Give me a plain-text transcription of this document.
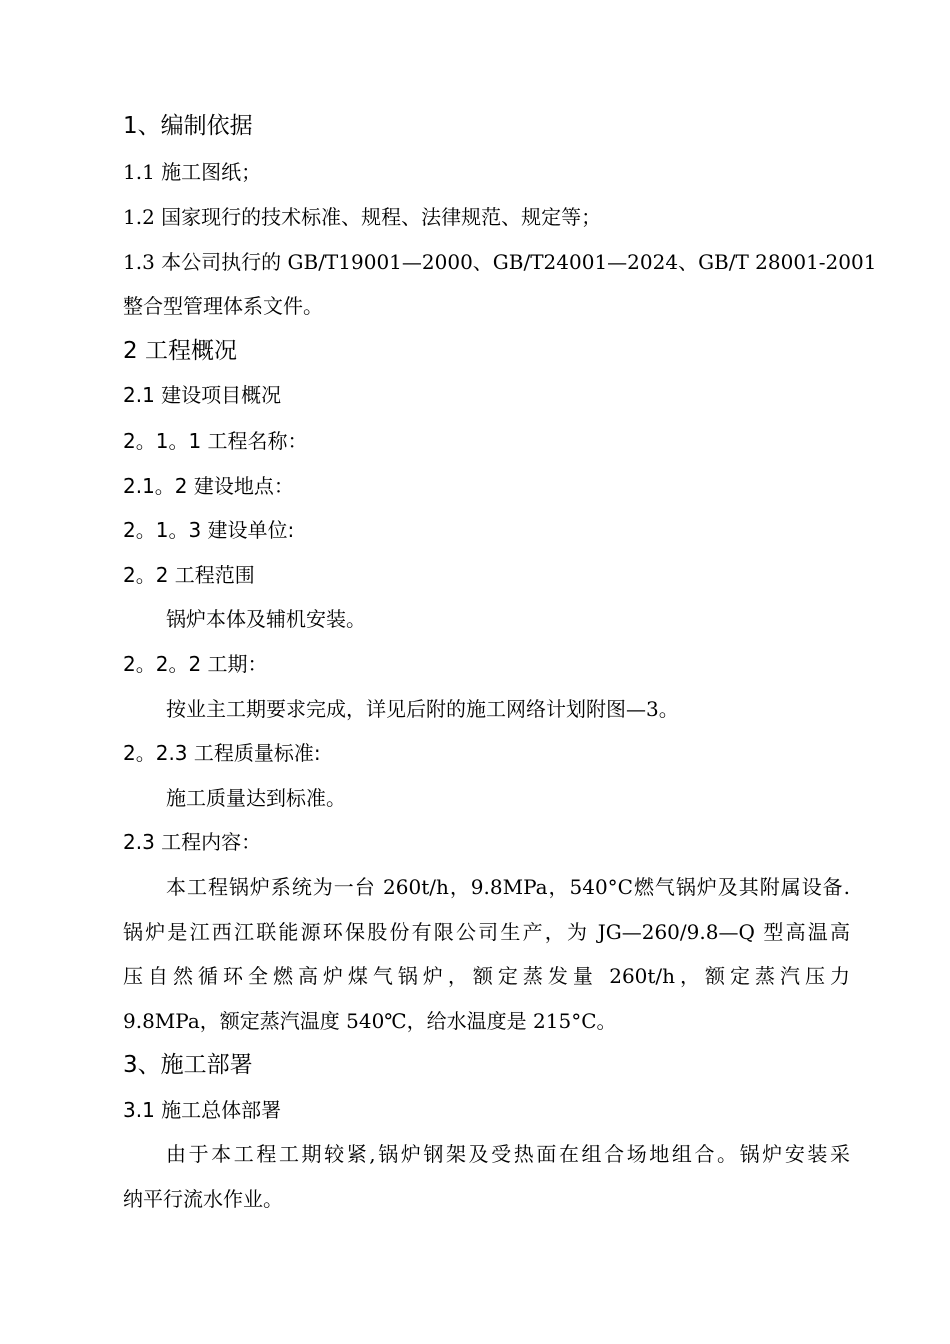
1、编制依据
1.1 施工图纸；
1.2 国家现行的技术标准、规程、法律规范、规定等；
1.3 本公司执行的 GB/T19001—2000、GB/T24001—2024、GB/T 28001-2001
整合型管理体系文件。
2 工程概况
2.1 建设项目概况
2。1。1 工程名称：
2.1。2 建设地点：
2。1。3 建设单位:
2。2 工程范围
锅炉本体及辅机安装。
2。2。2 工期：
按业主工期要求完成，详见后附的施工网络计划附图—3。
2。2.3 工程质量标准:
施工质量达到标准。
2.3 工程内容：
本工程锅炉系统为一台 260t/h，9.8MPa，540°C燃气锅炉及其附属设备.
锅炉是江西江联能源环保股份有限公司生产，为 JG—260/9.8—Q 型高温高
压自然循环全燃高炉煤气锅炉，额定蒸发量 260t/h，额定蒸汽压力
9.8MPa，额定蒸汽温度 540℃，给水温度是 215°C。
3、施工部署
3.1 施工总体部署
由于本工程工期较紧,锅炉钢架及受热面在组合场地组合。锅炉安装采
纳平行流水作业。
